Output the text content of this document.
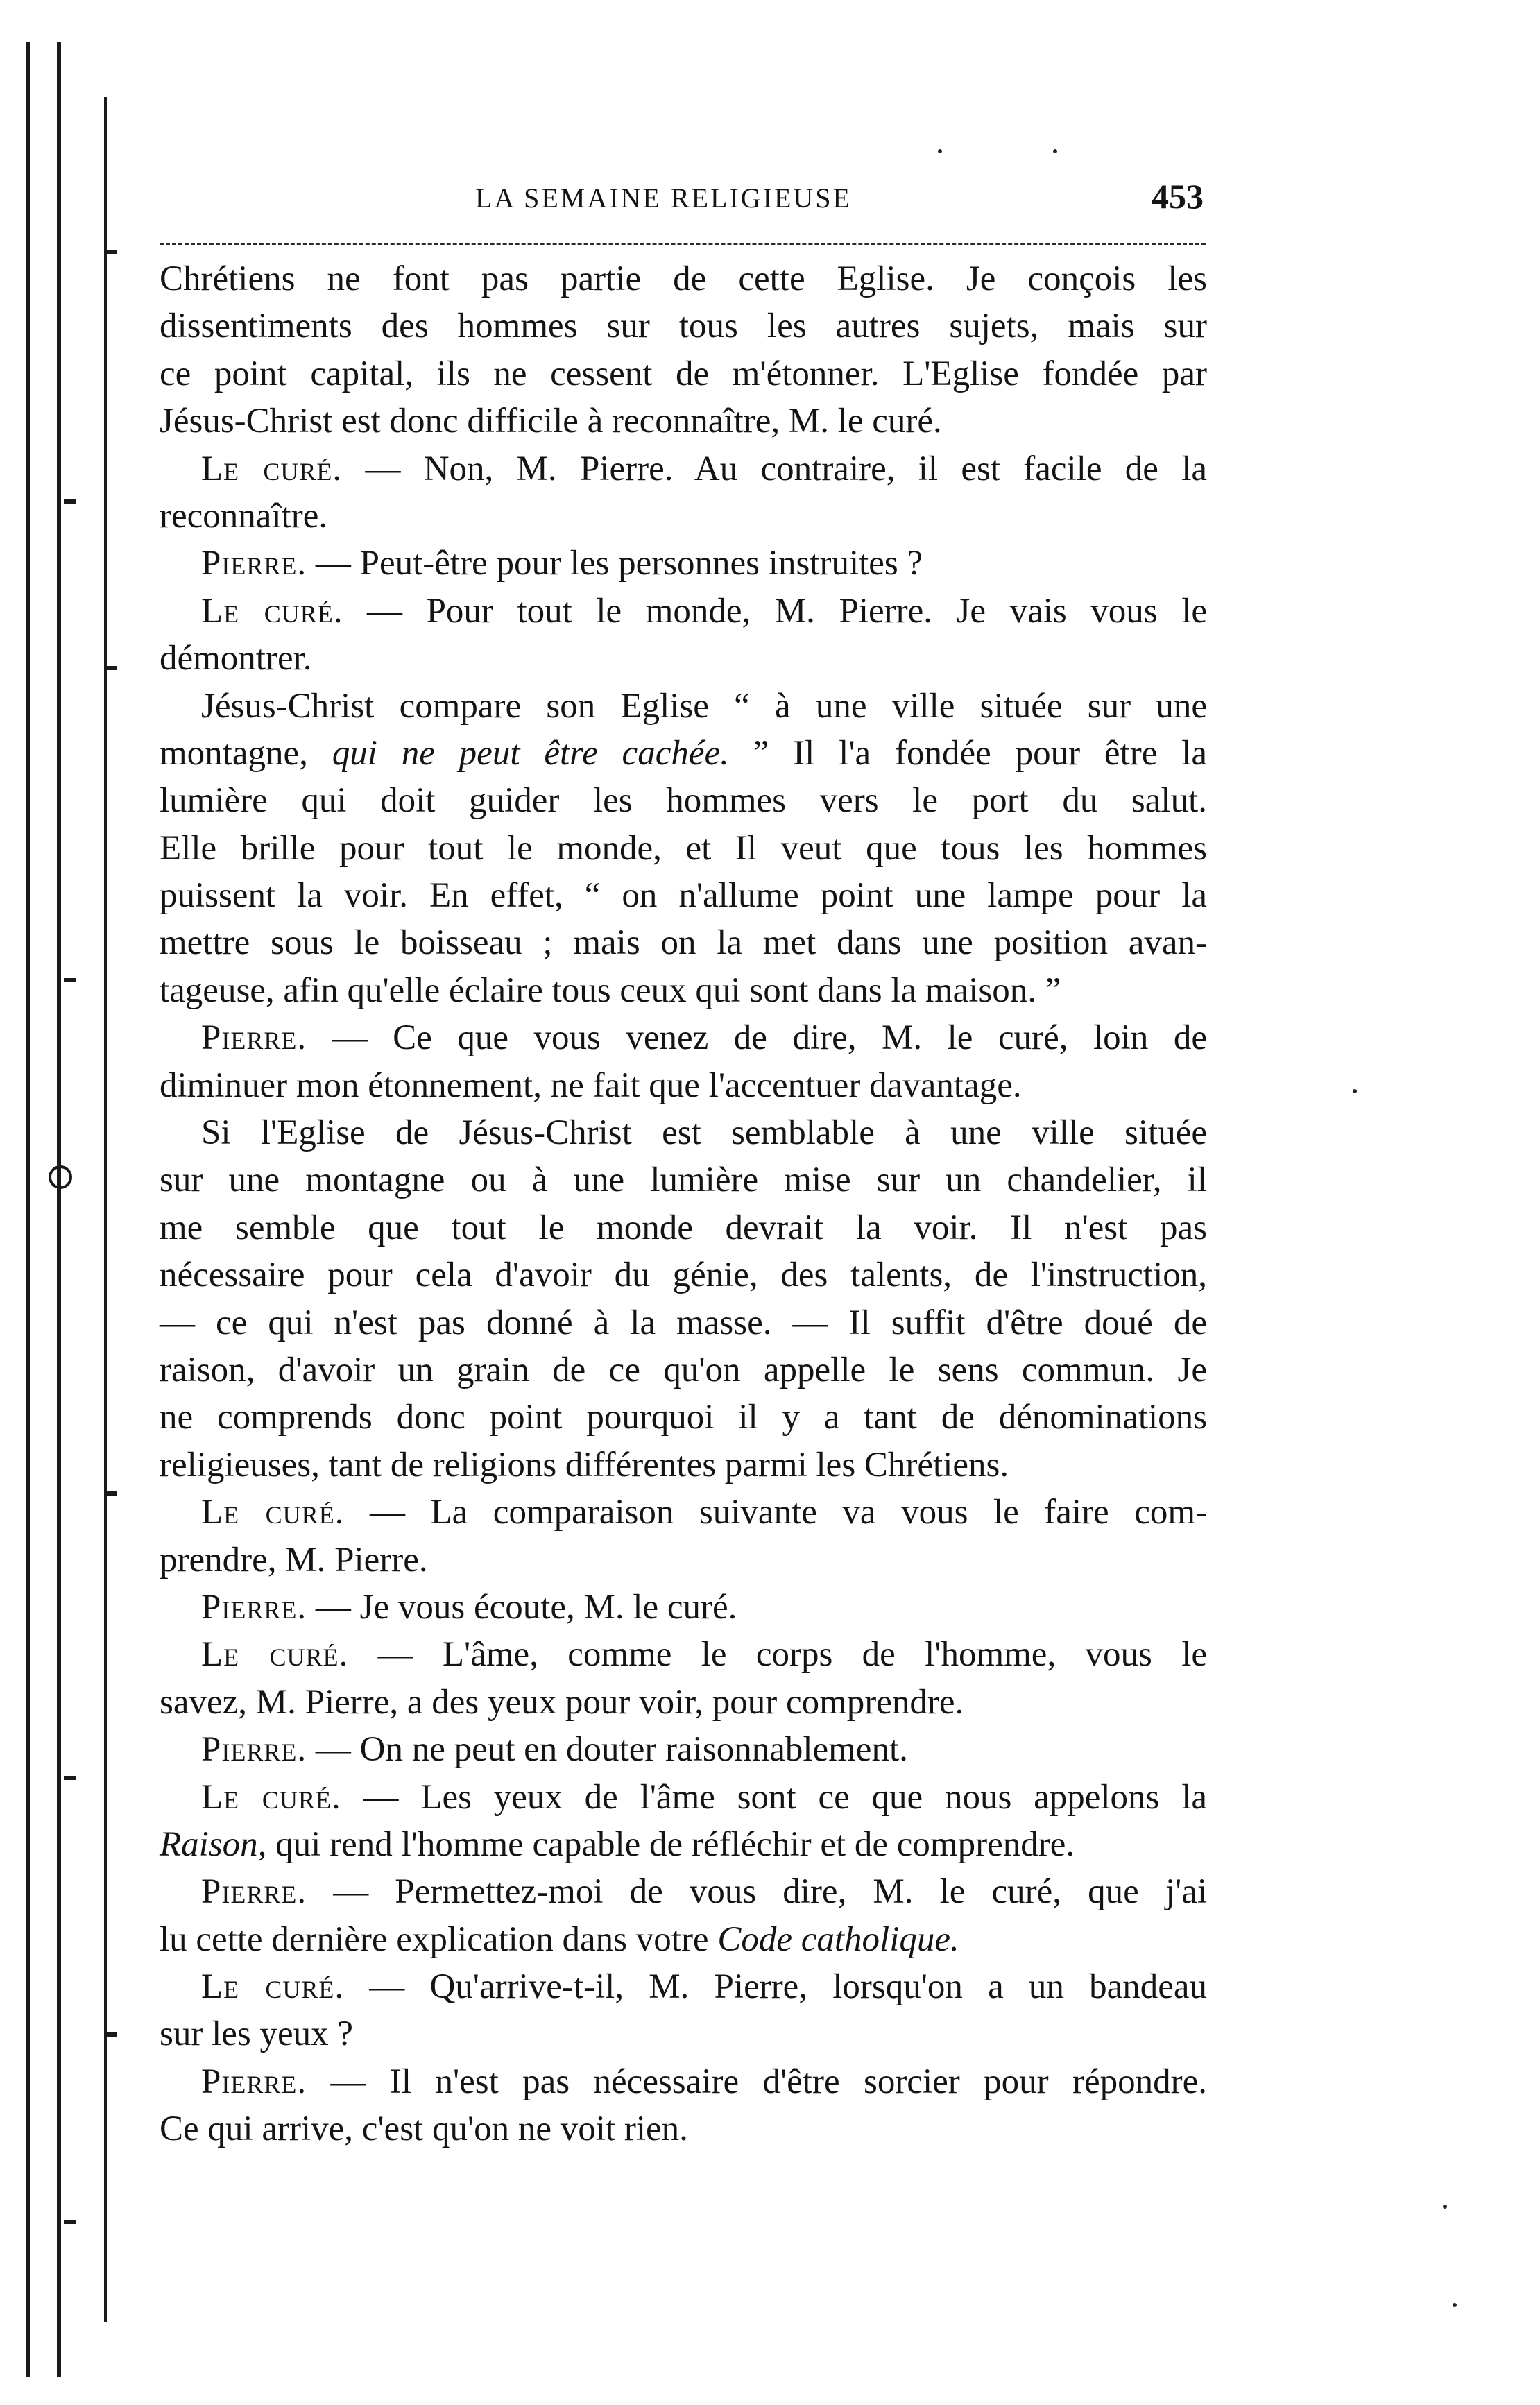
LA SEMAINE RELIGIEUSE	453
Chrétiens ne font pas partie de cette Eglise. Je conçois les
dissentiments des hommes sur tous les autres sujets, mais sur
ce point capital, ils ne cessent de m'étonner. L'Eglise fondée par
Jésus-Christ est donc difficile à reconnaître, M. le curé.
Le curé. — Non, M. Pierre. Au contraire, il est facile de la
reconnaître.
Pierre. — Peut-être pour les personnes instruites ?
Le curé. — Pour tout le monde, M. Pierre. Je vais vous le
démontrer.
Jésus-Christ compare son Eglise “ à une ville située sur une
montagne, qui ne peut être cachée. ” Il l'a fondée pour être la
lumière qui doit guider les hommes vers le port du salut.
Elle brille pour tout le monde, et Il veut que tous les hommes
puissent la voir. En effet, “ on n'allume point une lampe pour la
mettre sous le boisseau ; mais on la met dans une position avan-
tageuse, afin qu'elle éclaire tous ceux qui sont dans la maison. ”
Pierre. — Ce que vous venez de dire, M. le curé, loin de
diminuer mon étonnement, ne fait que l'accentuer davantage.
Si l'Eglise de Jésus-Christ est semblable à une ville située
sur une montagne ou à une lumière mise sur un chandelier, il
me semble que tout le monde devrait la voir. Il n'est pas
nécessaire pour cela d'avoir du génie, des talents, de l'instruction,
— ce qui n'est pas donné à la masse. — Il suffit d'être doué de
raison, d'avoir un grain de ce qu'on appelle le sens commun. Je
ne comprends donc point pourquoi il y a tant de dénominations
religieuses, tant de religions différentes parmi les Chrétiens.
Le curé. — La comparaison suivante va vous le faire com-
prendre, M. Pierre.
Pierre. — Je vous écoute, M. le curé.
Le curé. — L'âme, comme le corps de l'homme, vous le
savez, M. Pierre, a des yeux pour voir, pour comprendre.
Pierre. — On ne peut en douter raisonnablement.
Le curé. — Les yeux de l'âme sont ce que nous appelons la
Raison, qui rend l'homme capable de réfléchir et de comprendre.
Pierre. — Permettez-moi de vous dire, M. le curé, que j'ai
lu cette dernière explication dans votre Code catholique.
Le curé. — Qu'arrive-t-il, M. Pierre, lorsqu'on a un bandeau
sur les yeux ?
Pierre. — Il n'est pas nécessaire d'être sorcier pour répondre.
Ce qui arrive, c'est qu'on ne voit rien.
